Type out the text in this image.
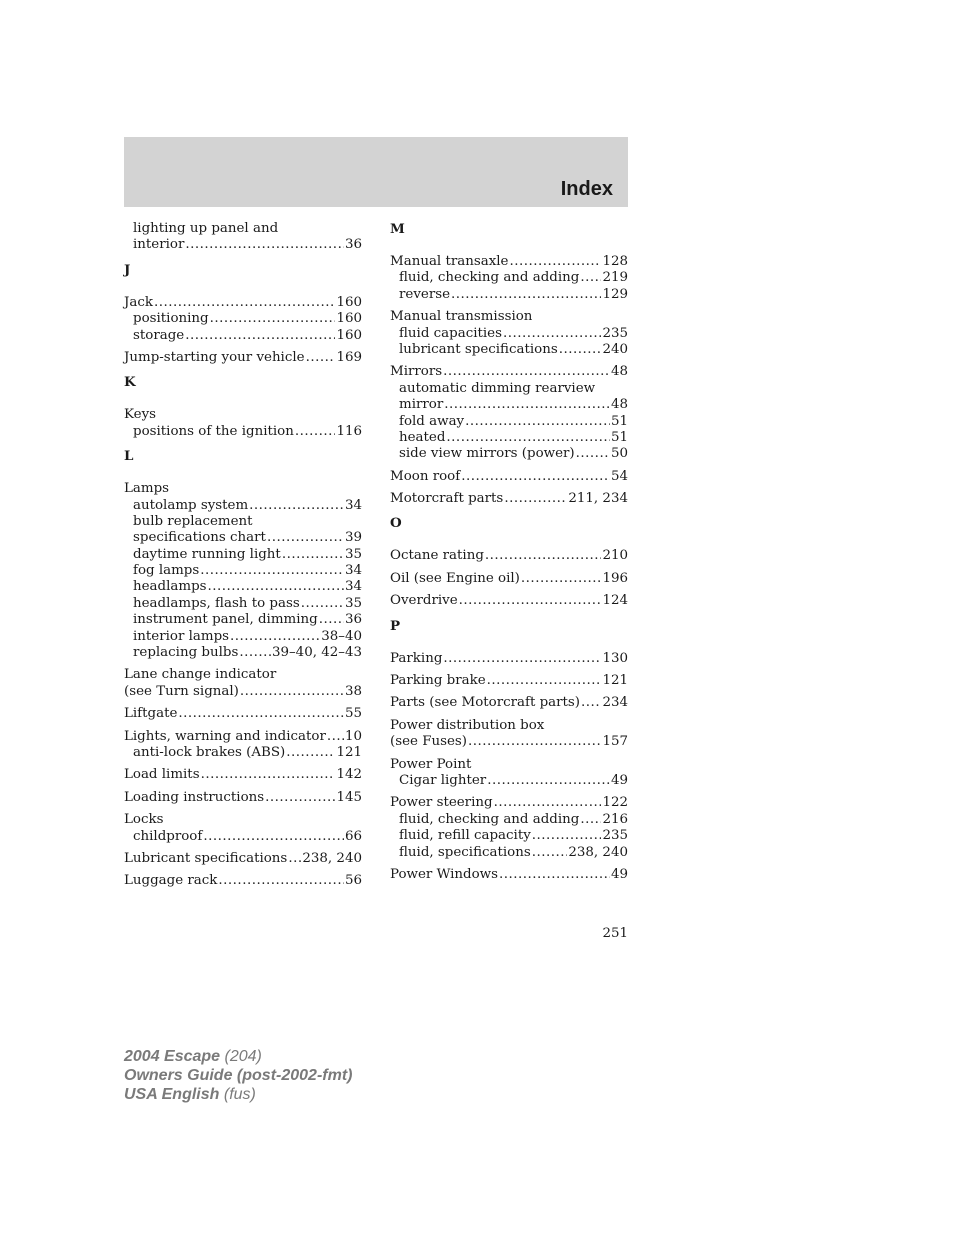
Index
lighting up panel and
interior .....	36
J
Jack .....	160
positioning .....	160
storage .....	160
Jump-starting your vehicle ..... 169
K
Keys
positions of the ignition .....	116
L
Lamps
autolamp system .....	34
bulb replacement
specifications chart .....	39
daytime running light .....	35
fog lamps .....	34
headlamps .....	34
headlamps, flash to pass .....	35
instrument panel, dimming ..... 36
interior lamps .....	38–40
replacing bulbs .....	39–40, 42–43
Lane change indicator
(see Turn signal) .....	38
Liftgate .....	55
Lights, warning and indicator ..... 10
anti-lock brakes (ABS) .....	121
Load limits .....	142
Loading instructions .....	145
Locks
childproof .....	66
Lubricant specifications ..... 238, 240
Luggage rack .....	56
M
Manual transaxle .....	128
fluid, checking and adding ..... 219
reverse .....	129
Manual transmission
fluid capacities .....	235
lubricant specifications .....	240
Mirrors .....	48
automatic dimming rearview
mirror .....	48
fold away .....	51
heated .....	51
side view mirrors (power) .....	50
Moon roof .....	54
Motorcraft parts .....	211, 234
O
Octane rating .....	210
Oil (see Engine oil) .....	196
Overdrive .....	124
P
Parking .....	130
Parking brake .....	121
Parts (see Motorcraft parts) ..... 234
Power distribution box
(see Fuses) .....	157
Power Point
Cigar lighter .....	49
Power steering .....	122
fluid, checking and adding ..... 216
fluid, refill capacity .....	235
fluid, specifications .....	238, 240
Power Windows .....	49
251
2004 Escape (204)
Owners Guide (post-2002-fmt)
USA English (fus)
